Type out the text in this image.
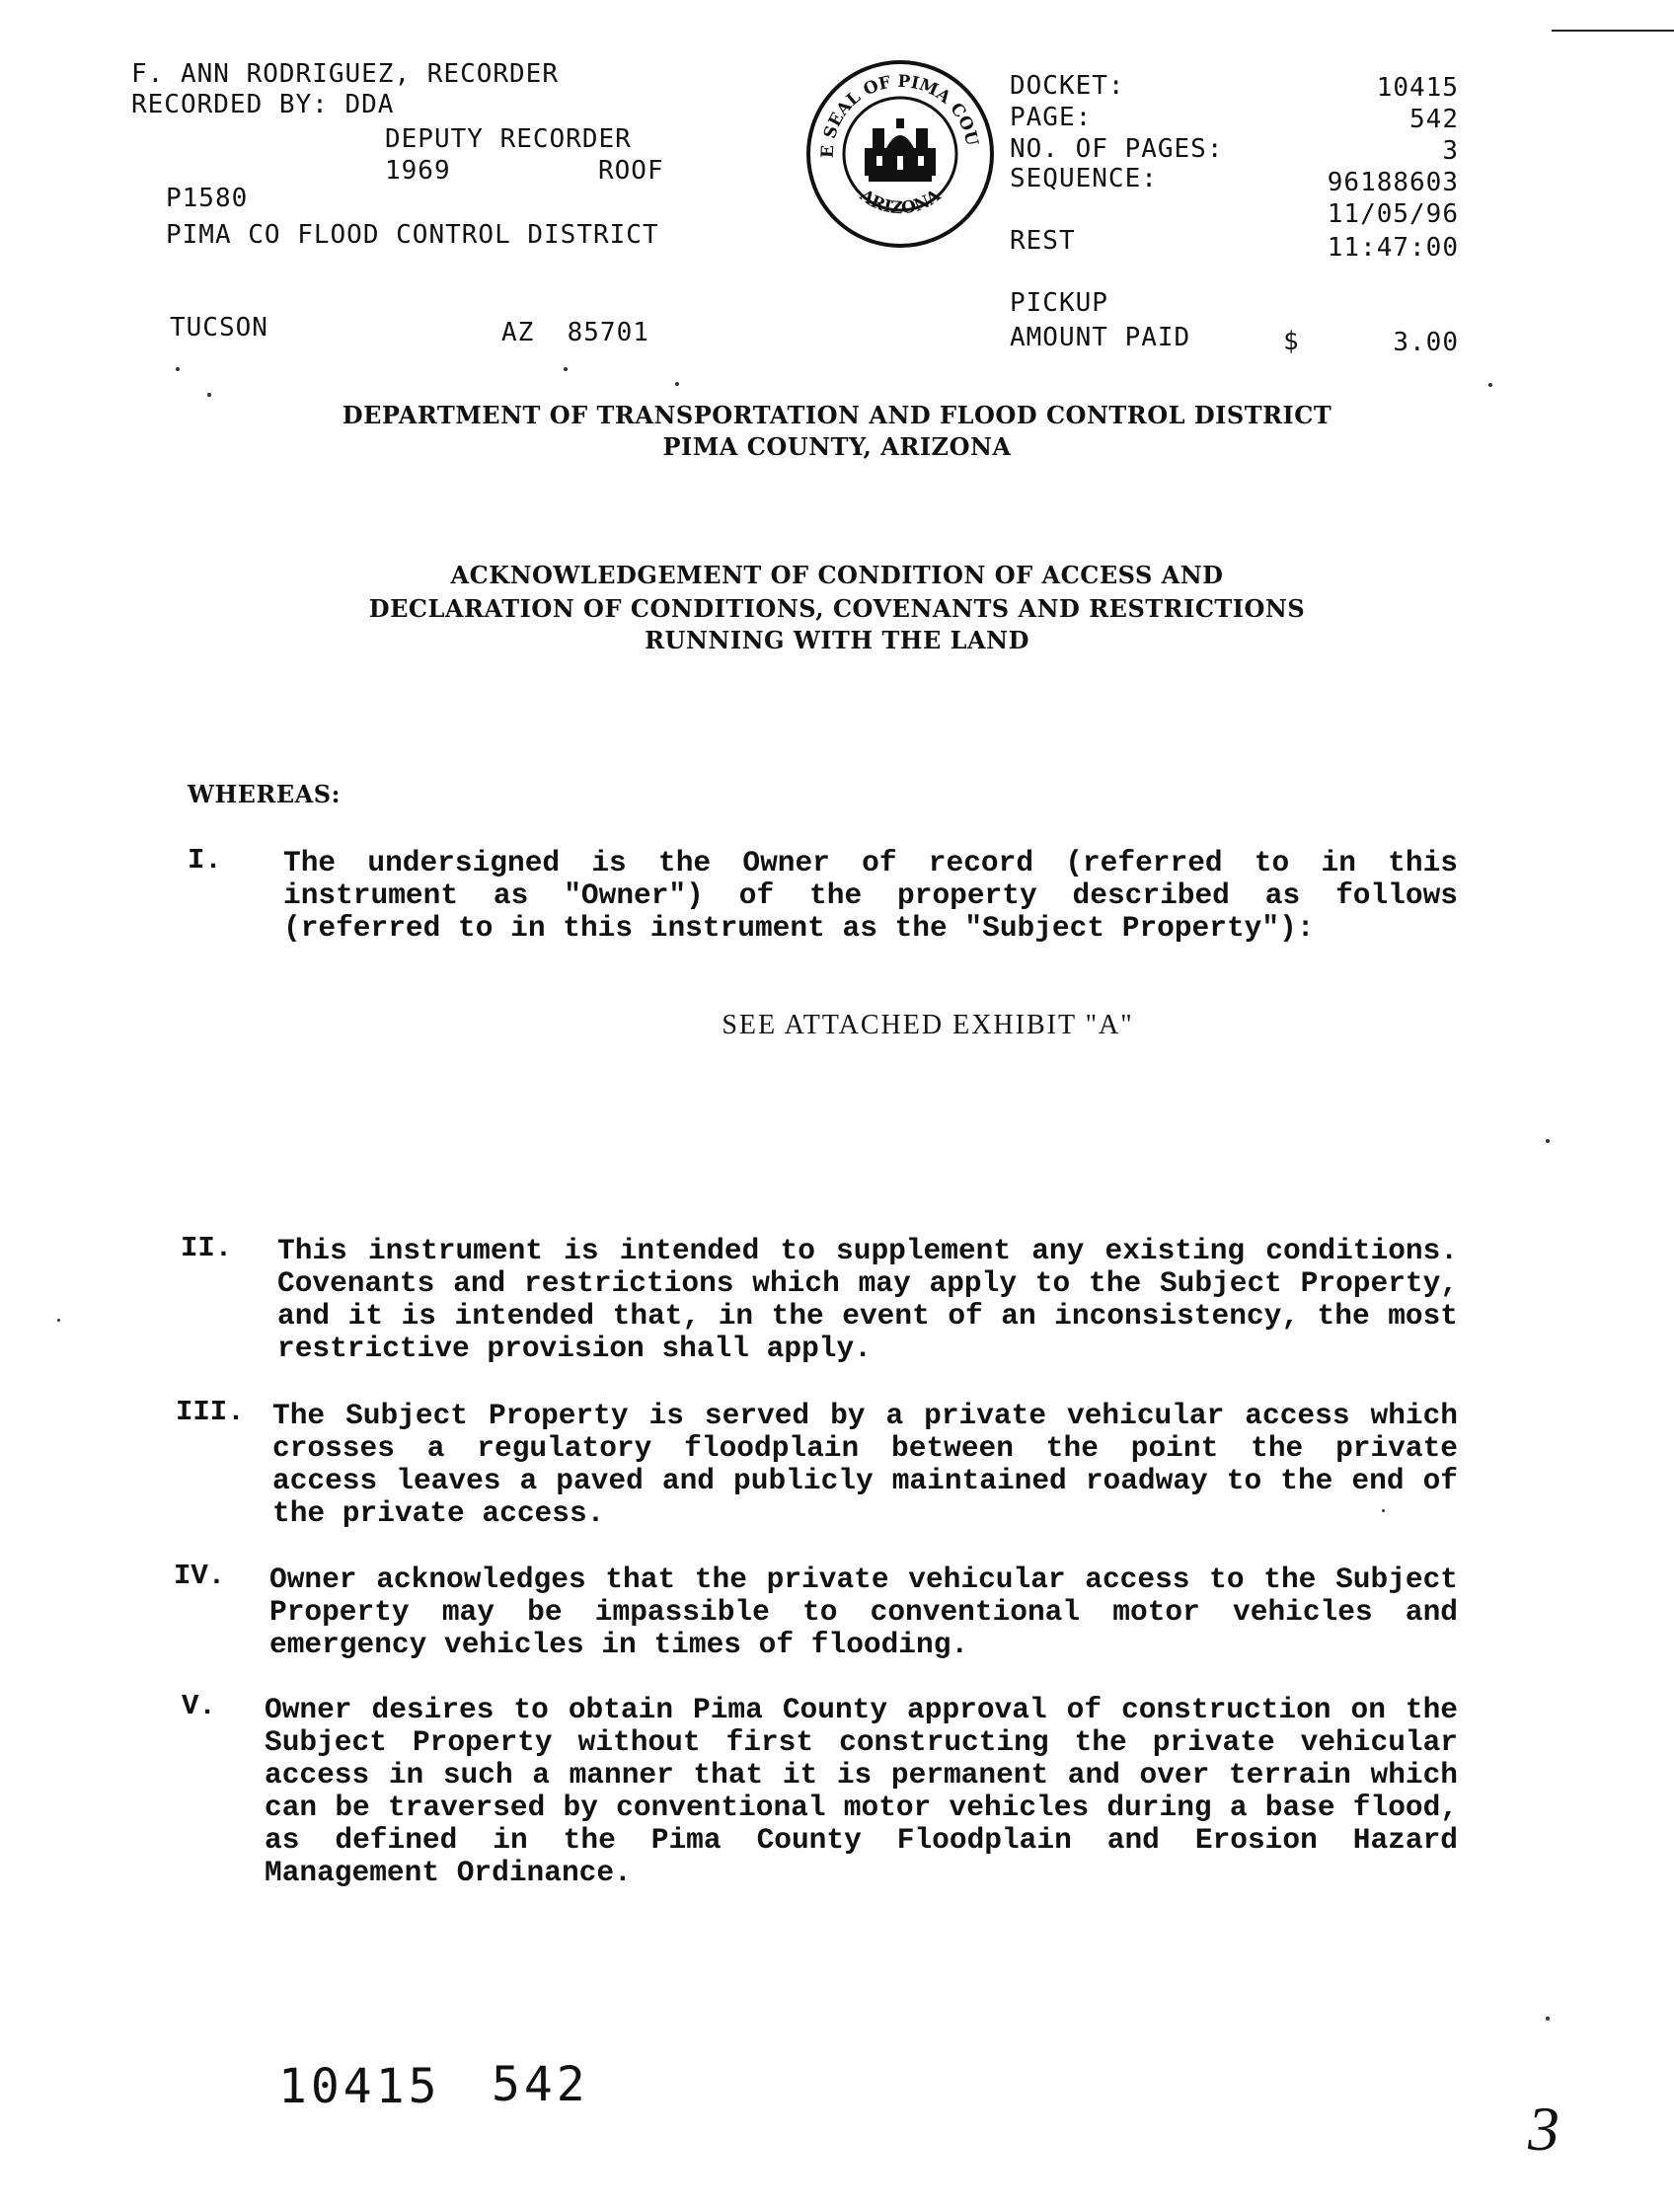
F. ANN RODRIGUEZ, RECORDER
RECORDED BY: DDA
DEPUTY RECORDER
1969	ROOF
P1580
PIMA CO FLOOD CONTROL DISTRICT
TUCSON	AZ  85701
E SEAL OF PIMA COU
ARIZONA
DOCKET:	10415
PAGE:	542
NO. OF PAGES:	3
SEQUENCE:	96188603
11/05/96
REST	11:47:00
PICKUP
AMOUNT PAID	$	3.00
DEPARTMENT OF TRANSPORTATION AND FLOOD CONTROL DISTRICT
PIMA COUNTY, ARIZONA
ACKNOWLEDGEMENT OF CONDITION OF ACCESS AND
DECLARATION OF CONDITIONS, COVENANTS AND RESTRICTIONS
RUNNING WITH THE LAND
WHEREAS:
I. The undersigned is the Owner of record (referred to in this instrument as "Owner") of the property described as follows (referred to in this instrument as the "Subject Property"):
SEE ATTACHED EXHIBIT "A"
II. This instrument is intended to supplement any existing conditions. Covenants and restrictions which may apply to the Subject Property, and it is intended that, in the event of an inconsistency, the most restrictive provision shall apply.
III. The Subject Property is served by a private vehicular access which crosses a regulatory floodplain between the point the private access leaves a paved and publicly maintained roadway to the end of the private access.
IV. Owner acknowledges that the private vehicular access to the Subject Property may be impassible to conventional motor vehicles and emergency vehicles in times of flooding.
V. Owner desires to obtain Pima County approval of construction on the Subject Property without first constructing the private vehicular access in such a manner that it is permanent and over terrain which can be traversed by conventional motor vehicles during a base flood, as defined in the Pima County Floodplain and Erosion Hazard Management Ordinance.
10415 542
3
